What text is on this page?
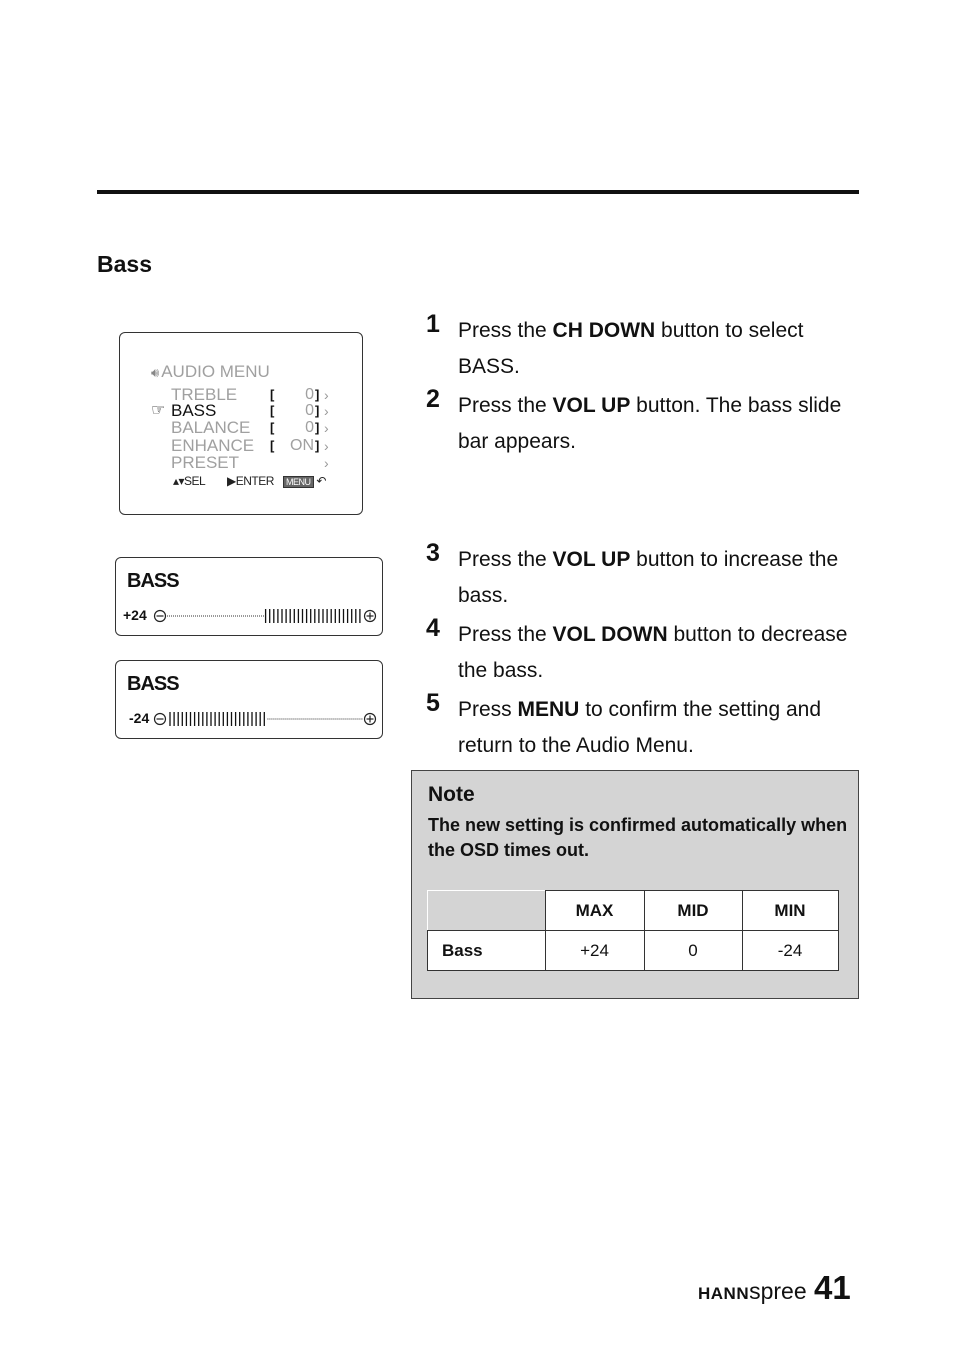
Bass
🔊︎ AUDIO MENU
TREBLE	[	0 ] ›
☞ BASS	[	0 ] ›
BALANCE [	0 ] ›
ENHANCE [ ON ] ›
PRESET	›
▴▾SEL ▶ENTER	MENU ↶
BASS
+24
BASS
-24
1 Press the CH DOWN button to select BASS.
2 Press the VOL UP button. The bass slide bar appears.
3 Press the VOL UP button to increase the bass.
4 Press the VOL DOWN button to decrease the bass.
5 Press MENU to confirm the setting and return to the Audio Menu.
Note
The new setting is confirmed automatically when the OSD times out.
	MAX	MID	MIN
Bass	+24	0	-24
HANNspree 41
